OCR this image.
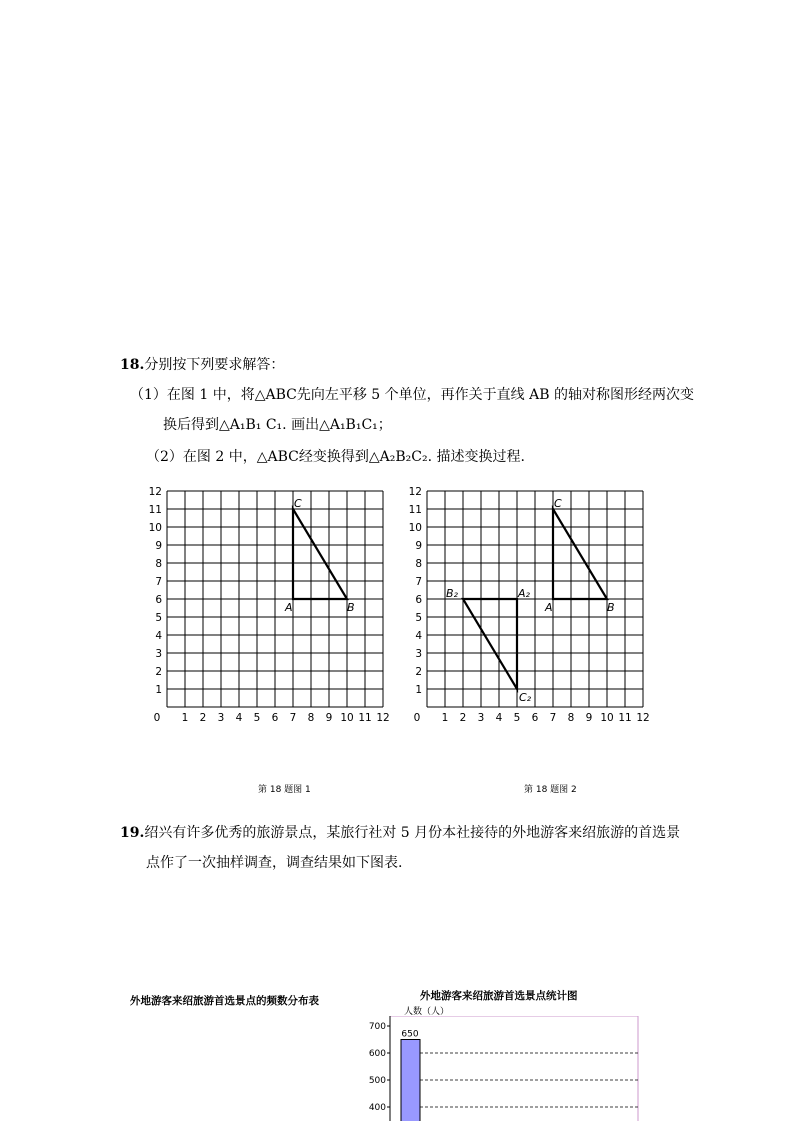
18.分别按下列要求解答：
（1）在图 1 中，将△ABC先向左平移 5 个单位，再作关于直线 AB 的轴对称图形经两次变
换后得到△A₁B₁ C₁. 画出△A₁B₁C₁；
（2）在图 2 中，△ABC经变换得到△A₂B₂C₂. 描述变换过程.
0 1 2 3 4 5 6 7 8 9 10 11 12
1
2
3
4
5
6
7
8
9
10
11
12
A	B
C
第 18 题图 1
0 1 2 3 4 5 6 7 8 9 10 11 12
1
2
3
4
5
6
7
8
9
10
11
12
A	B
C
A₂
B₂
C₂
第 18 题图 2
19.绍兴有许多优秀的旅游景点，某旅行社对 5 月份本社接待的外地游客来绍旅游的首选景
点作了一次抽样调查，调查结果如下图表.
外地游客来绍旅游首选景点的频数分布表	外地游客来绍旅游首选景点统计图
人数（人）
700
600
500
400
650
